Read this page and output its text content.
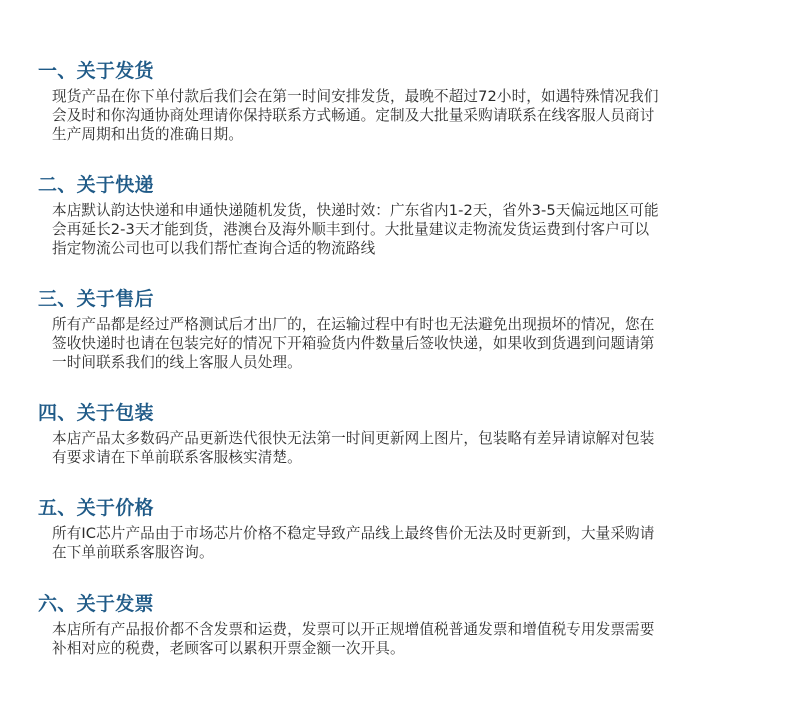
一、关于发货

现货产品在你下单付款后我们会在第一时间安排发货，最晚不超过72小时，如遇特殊情况我们
会及时和你沟通协商处理请你保持联系方式畅通。定制及大批量采购请联系在线客服人员商讨
生产周期和出货的准确日期。

二、关于快递

本店默认韵达快递和申通快递随机发货，快递时效：广东省内1-2天，省外3-5天偏远地区可能
会再延长2-3天才能到货，港澳台及海外顺丰到付。大批量建议走物流发货运费到付客户可以
指定物流公司也可以我们帮忙查询合适的物流路线

三、关于售后

所有产品都是经过严格测试后才出厂的，在运输过程中有时也无法避免出现损坏的情况，您在
签收快递时也请在包装完好的情况下开箱验货内件数量后签收快递，如果收到货遇到问题请第
一时间联系我们的线上客服人员处理。

四、关于包装

本店产品太多数码产品更新迭代很快无法第一时间更新网上图片，包装略有差异请谅解对包装
有要求请在下单前联系客服核实清楚。

五、关于价格

所有IC芯片产品由于市场芯片价格不稳定导致产品线上最终售价无法及时更新到，大量采购请
在下单前联系客服咨询。

六、关于发票

本店所有产品报价都不含发票和运费，发票可以开正规增值税普通发票和增值税专用发票需要
补相对应的税费，老顾客可以累积开票金额一次开具。
